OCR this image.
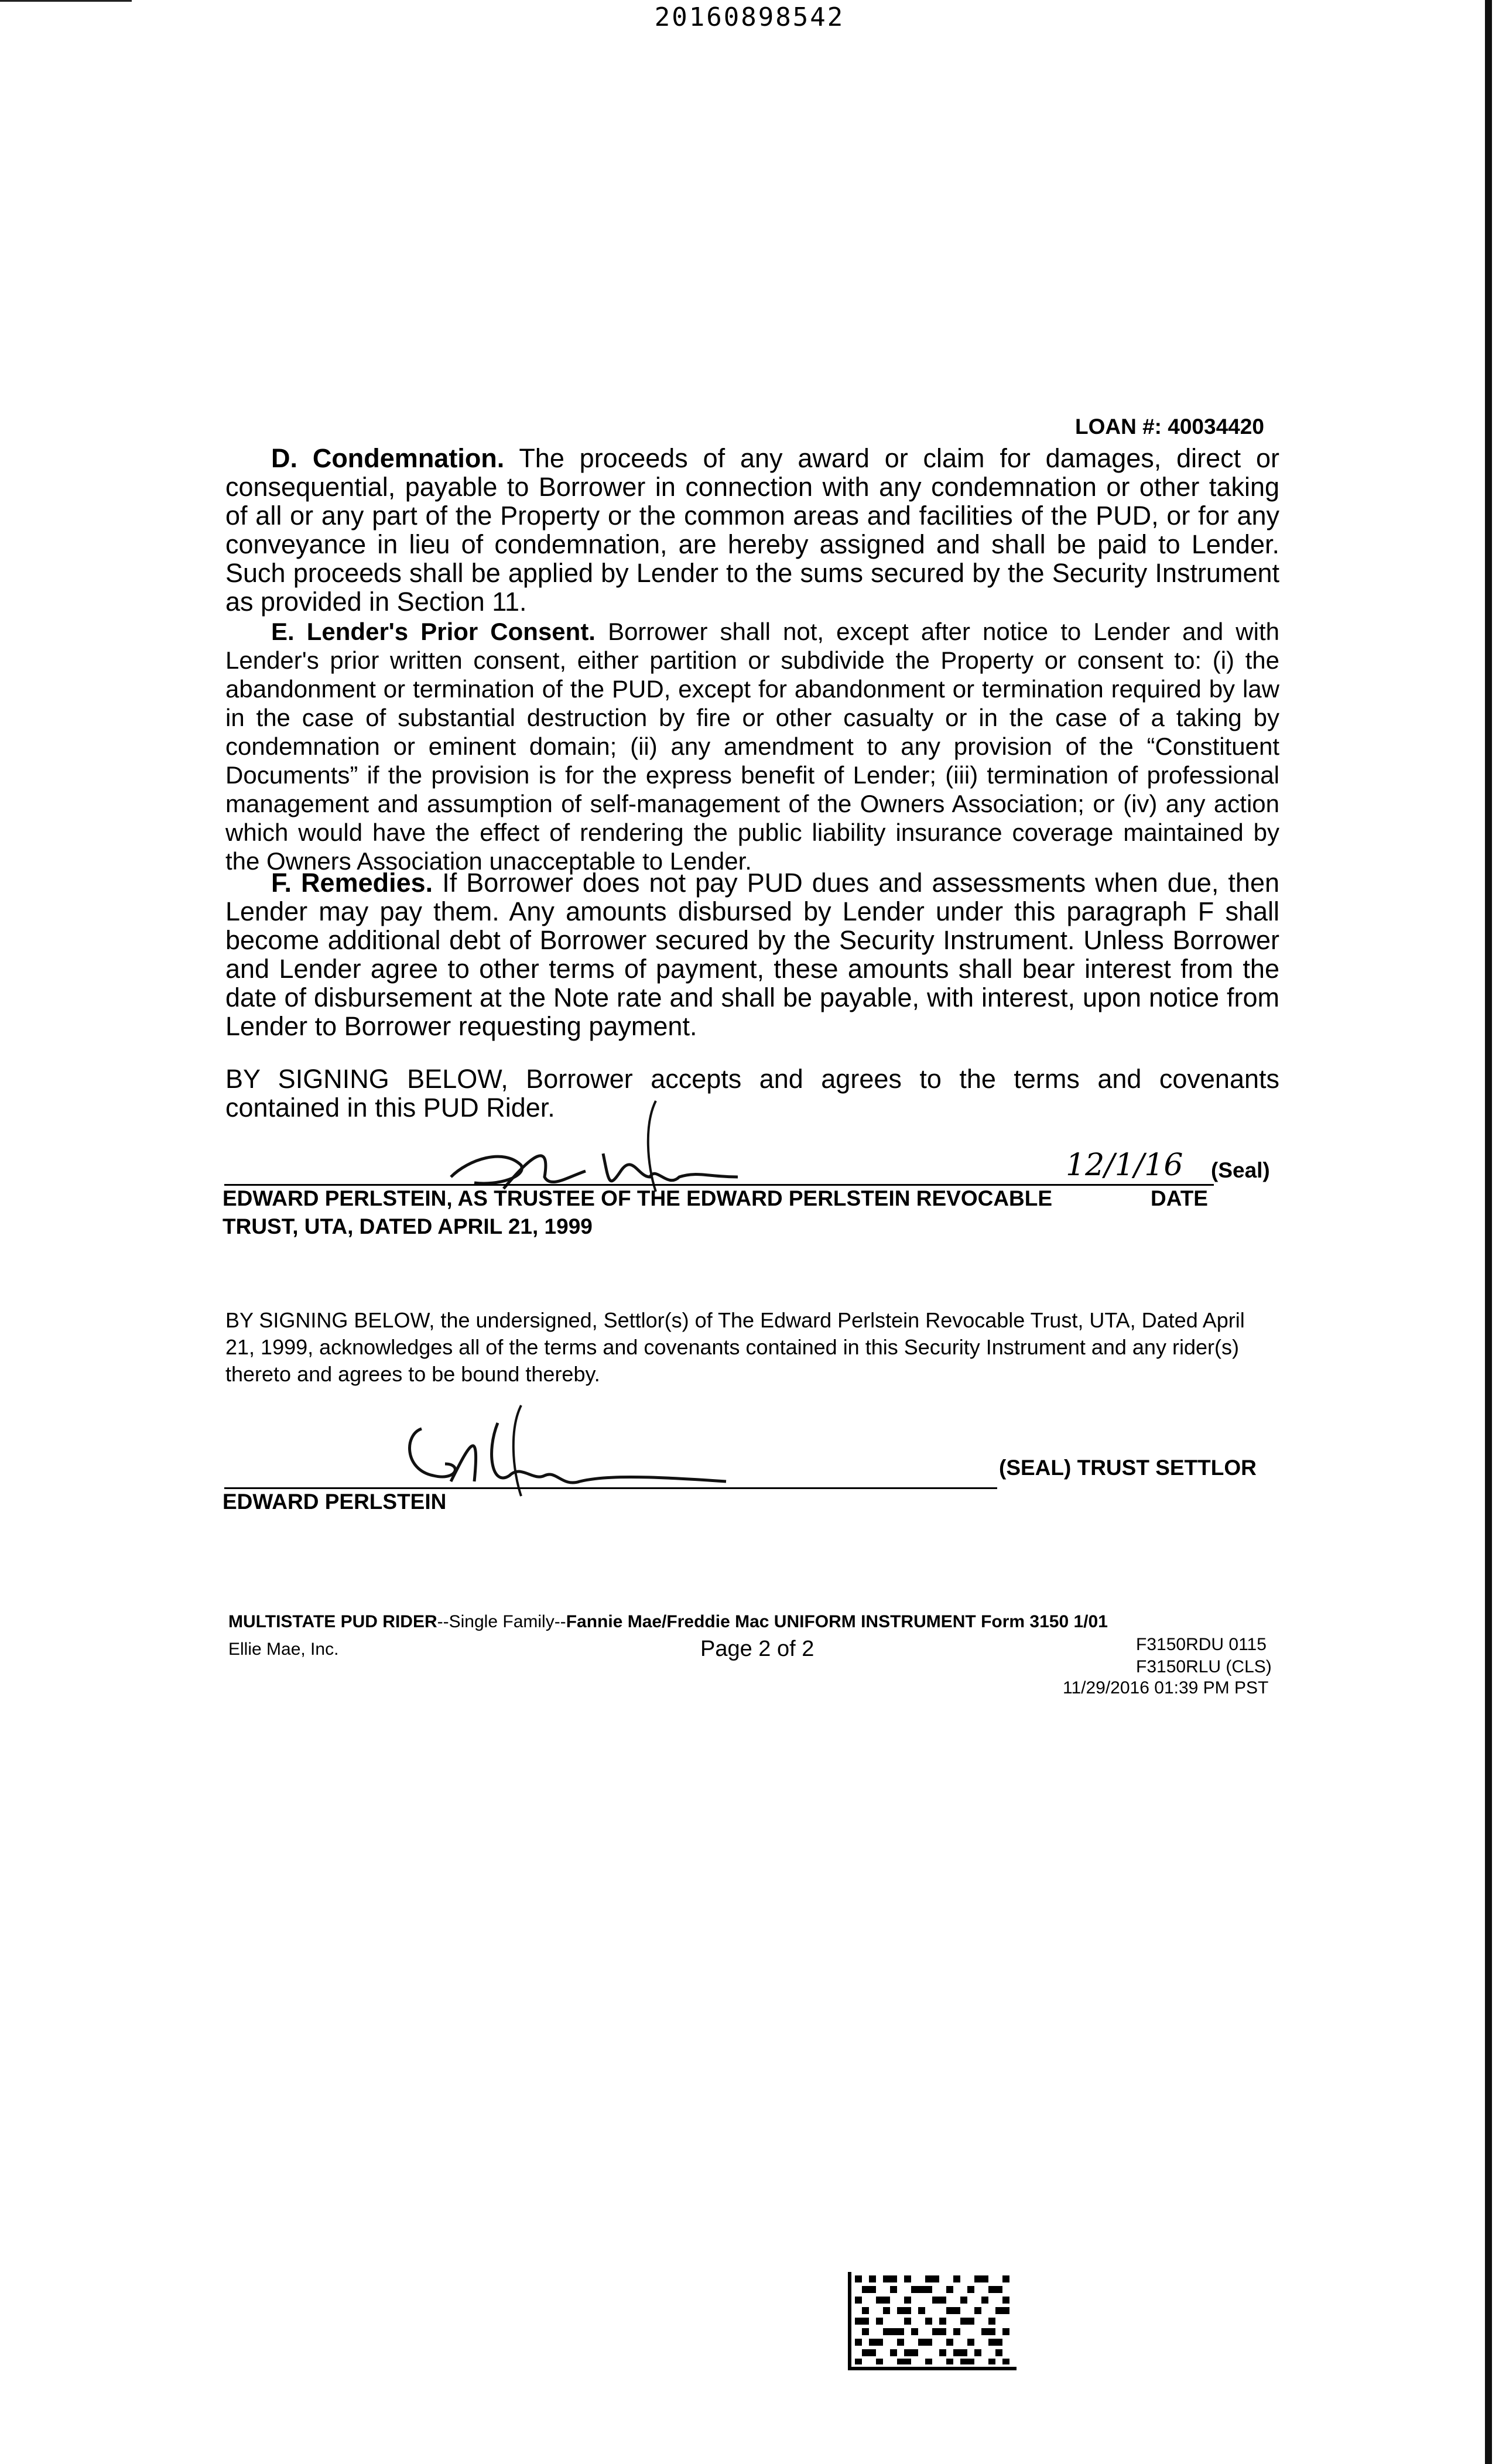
20160898542
LOAN #: 40034420
D. Condemnation. The proceeds of any award or claim for damages, direct or consequential, payable to Borrower in connection with any condemnation or other taking of all or any part of the Property or the common areas and facilities of the PUD, or for any conveyance in lieu of condemnation, are hereby assigned and shall be paid to Lender. Such proceeds shall be applied by Lender to the sums secured by the Security Instrument as provided in Section 11.
E. Lender's Prior Consent. Borrower shall not, except after notice to Lender and with Lender's prior written consent, either partition or subdivide the Property or consent to: (i) the abandonment or termination of the PUD, except for abandonment or termination required by law in the case of substantial destruction by fire or other casualty or in the case of a taking by condemnation or eminent domain; (ii) any amendment to any provision of the “Constituent Documents” if the provision is for the express benefit of Lender; (iii) termination of professional management and assumption of self-management of the Owners Association; or (iv) any action which would have the effect of rendering the public liability insurance coverage maintained by the Owners Association unacceptable to Lender.
F. Remedies. If Borrower does not pay PUD dues and assessments when due, then Lender may pay them. Any amounts disbursed by Lender under this paragraph F shall become additional debt of Borrower secured by the Security Instrument. Unless Borrower and Lender agree to other terms of payment, these amounts shall bear interest from the date of disbursement at the Note rate and shall be payable, with interest, upon notice from Lender to Borrower requesting payment.
BY SIGNING BELOW, Borrower accepts and agrees to the terms and covenants contained in this PUD Rider.
12/1/16 (Seal)
EDWARD PERLSTEIN, AS TRUSTEE OF THE EDWARD PERLSTEIN REVOCABLE	DATE
TRUST, UTA, DATED APRIL 21, 1999
BY SIGNING BELOW, the undersigned, Settlor(s) of The Edward Perlstein Revocable Trust, UTA, Dated April 21, 1999, acknowledges all of the terms and covenants contained in this Security Instrument and any rider(s) thereto and agrees to be bound thereby.
EDWARD PERLSTEIN
(SEAL) TRUST SETTLOR
MULTISTATE PUD RIDER--Single Family--Fannie Mae/Freddie Mac UNIFORM INSTRUMENT Form 3150 1/01
Ellie Mae, Inc.	Page 2 of 2	F3150RDU 0115
F3150RLU (CLS)
11/29/2016 01:39 PM PST
